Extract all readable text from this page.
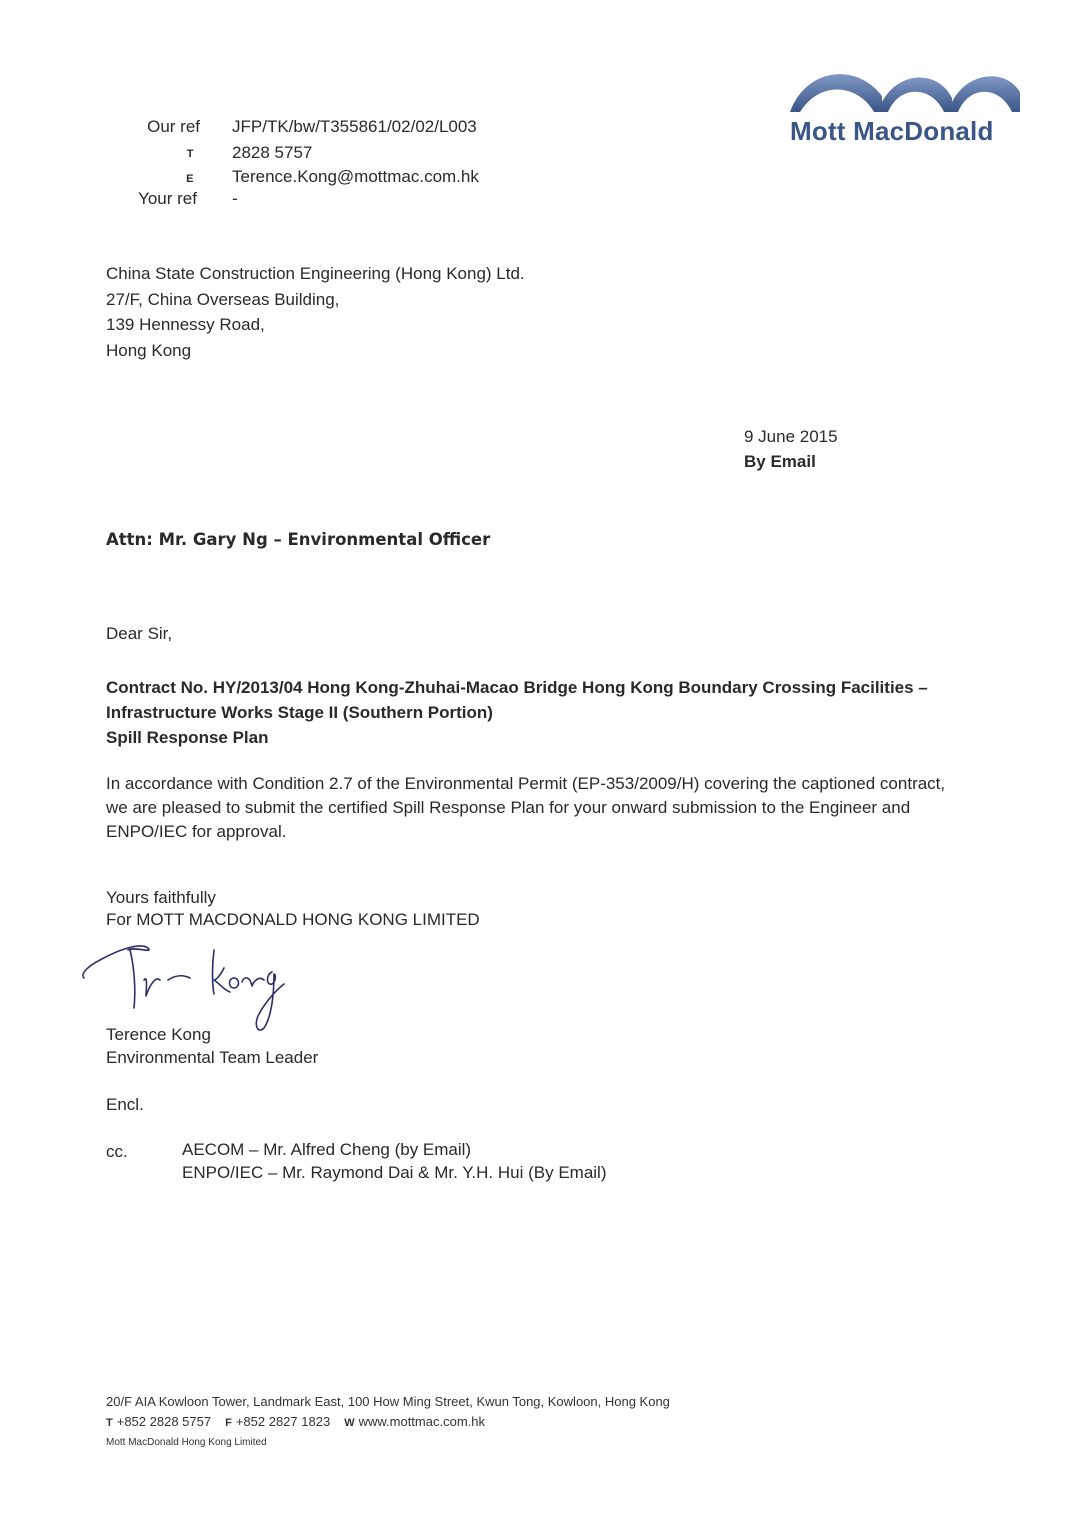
Our ref JFP/TK/bw/T355861/02/02/L003
T 2828 5757
E Terence.Kong@mottmac.com.hk
Your ref -
Mott MacDonald
China State Construction Engineering (Hong Kong) Ltd.
27/F, China Overseas Building,
139 Hennessy Road,
Hong Kong
9 June 2015
By Email
Attn: Mr. Gary Ng – Environmental Officer
Dear Sir,
Contract No. HY/2013/04 Hong Kong-Zhuhai-Macao Bridge Hong Kong Boundary Crossing Facilities –
Infrastructure Works Stage II (Southern Portion)
Spill Response Plan
In accordance with Condition 2.7 of the Environmental Permit (EP-353/2009/H) covering the captioned contract,
we are pleased to submit the certified Spill Response Plan for your onward submission to the Engineer and
ENPO/IEC for approval.
Yours faithfully
For MOTT MACDONALD HONG KONG LIMITED
Terence Kong
Environmental Team Leader
Encl.
cc.	AECOM – Mr. Alfred Cheng (by Email)
ENPO/IEC – Mr. Raymond Dai & Mr. Y.H. Hui (By Email)
20/F AIA Kowloon Tower, Landmark East, 100 How Ming Street, Kwun Tong, Kowloon, Hong Kong
T +852 2828 5757 F +852 2827 1823 W www.mottmac.com.hk
Mott MacDonald Hong Kong Limited
